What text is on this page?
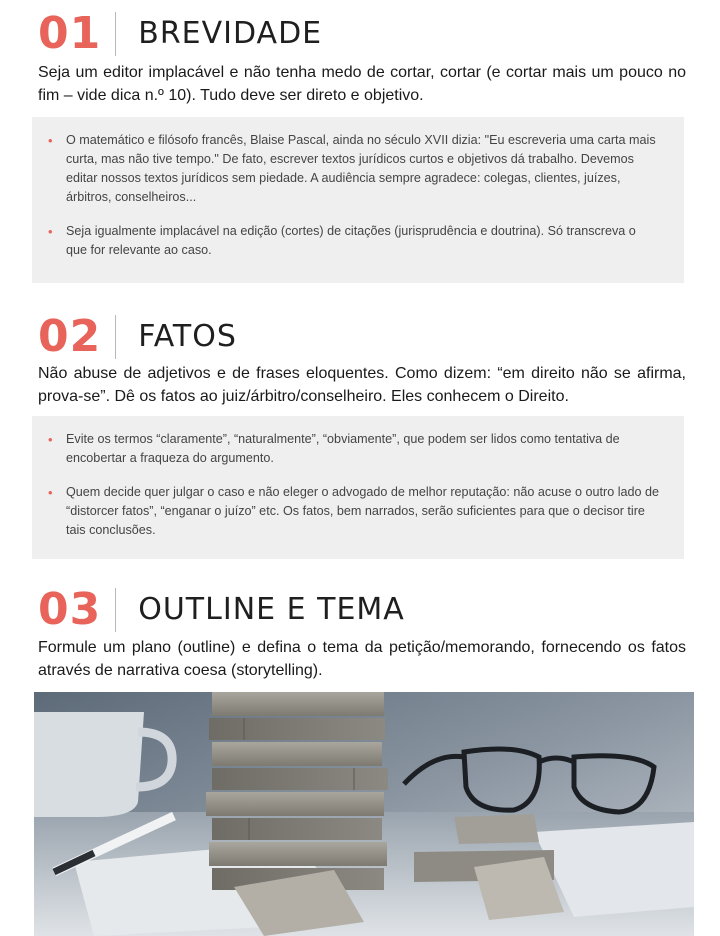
01 BREVIDADE

Seja um editor implacável e não tenha medo de cortar, cortar (e cortar mais um pouco no fim – vide dica n.º 10). Tudo deve ser direto e objetivo.

• O matemático e filósofo francês, Blaise Pascal, ainda no século XVII dizia: "Eu escreveria uma carta mais curta, mas não tive tempo." De fato, escrever textos jurídicos curtos e objetivos dá trabalho. Devemos editar nossos textos jurídicos sem piedade. A audiência sempre agradece: colegas, clientes, juízes, árbitros, conselheiros...
• Seja igualmente implacável na edição (cortes) de citações (jurisprudência e doutrina). Só transcreva o que for relevante ao caso.
02 FATOS

Não abuse de adjetivos e de frases eloquentes. Como dizem: “em direito não se afirma, prova-se”. Dê os fatos ao juiz/árbitro/conselheiro. Eles conhecem o Direito.

• Evite os termos “claramente”, “naturalmente”, “obviamente”, que podem ser lidos como tentativa de encobertar a fraqueza do argumento.
• Quem decide quer julgar o caso e não eleger o advogado de melhor reputação: não acuse o outro lado de “distorcer fatos”, “enganar o juízo” etc. Os fatos, bem narrados, serão suficientes para que o decisor tire tais conclusões.
03 OUTLINE E TEMA

Formule um plano (outline) e defina o tema da petição/memorando, fornecendo os fatos através de narrativa coesa (storytelling).
